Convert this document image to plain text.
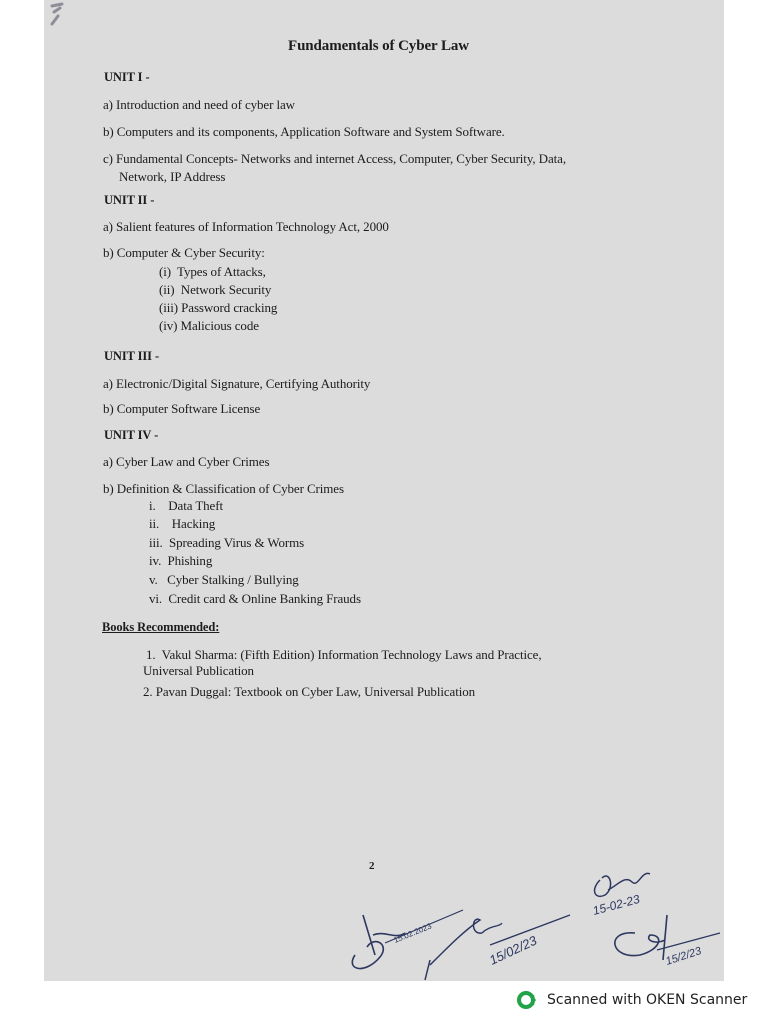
Fundamentals of Cyber Law
UNIT I -
a) Introduction and need of cyber law
b) Computers and its components, Application Software and System Software.
c) Fundamental Concepts- Networks and internet Access, Computer, Cyber Security, Data,
Network, IP Address
UNIT II -
a) Salient features of Information Technology Act, 2000
b) Computer & Cyber Security:
(i)  Types of Attacks,
(ii)  Network Security
(iii) Password cracking
(iv) Malicious code
UNIT III -
a) Electronic/Digital Signature, Certifying Authority
b) Computer Software License
UNIT IV -
a) Cyber Law and Cyber Crimes
b) Definition & Classification of Cyber Crimes
i.    Data Theft
ii.    Hacking
iii.  Spreading Virus & Worms
iv.  Phishing
v.   Cyber Stalking / Bullying
vi.  Credit card & Online Banking Frauds
Books Recommended:
1.  Vakul Sharma: (Fifth Edition) Information Technology Laws and Practice,
Universal Publication
2. Pavan Duggal: Textbook on Cyber Law, Universal Publication
2
15.02.2023	15/02/23
15-02-23
15/2/23
Scanned with OKEN Scanner
